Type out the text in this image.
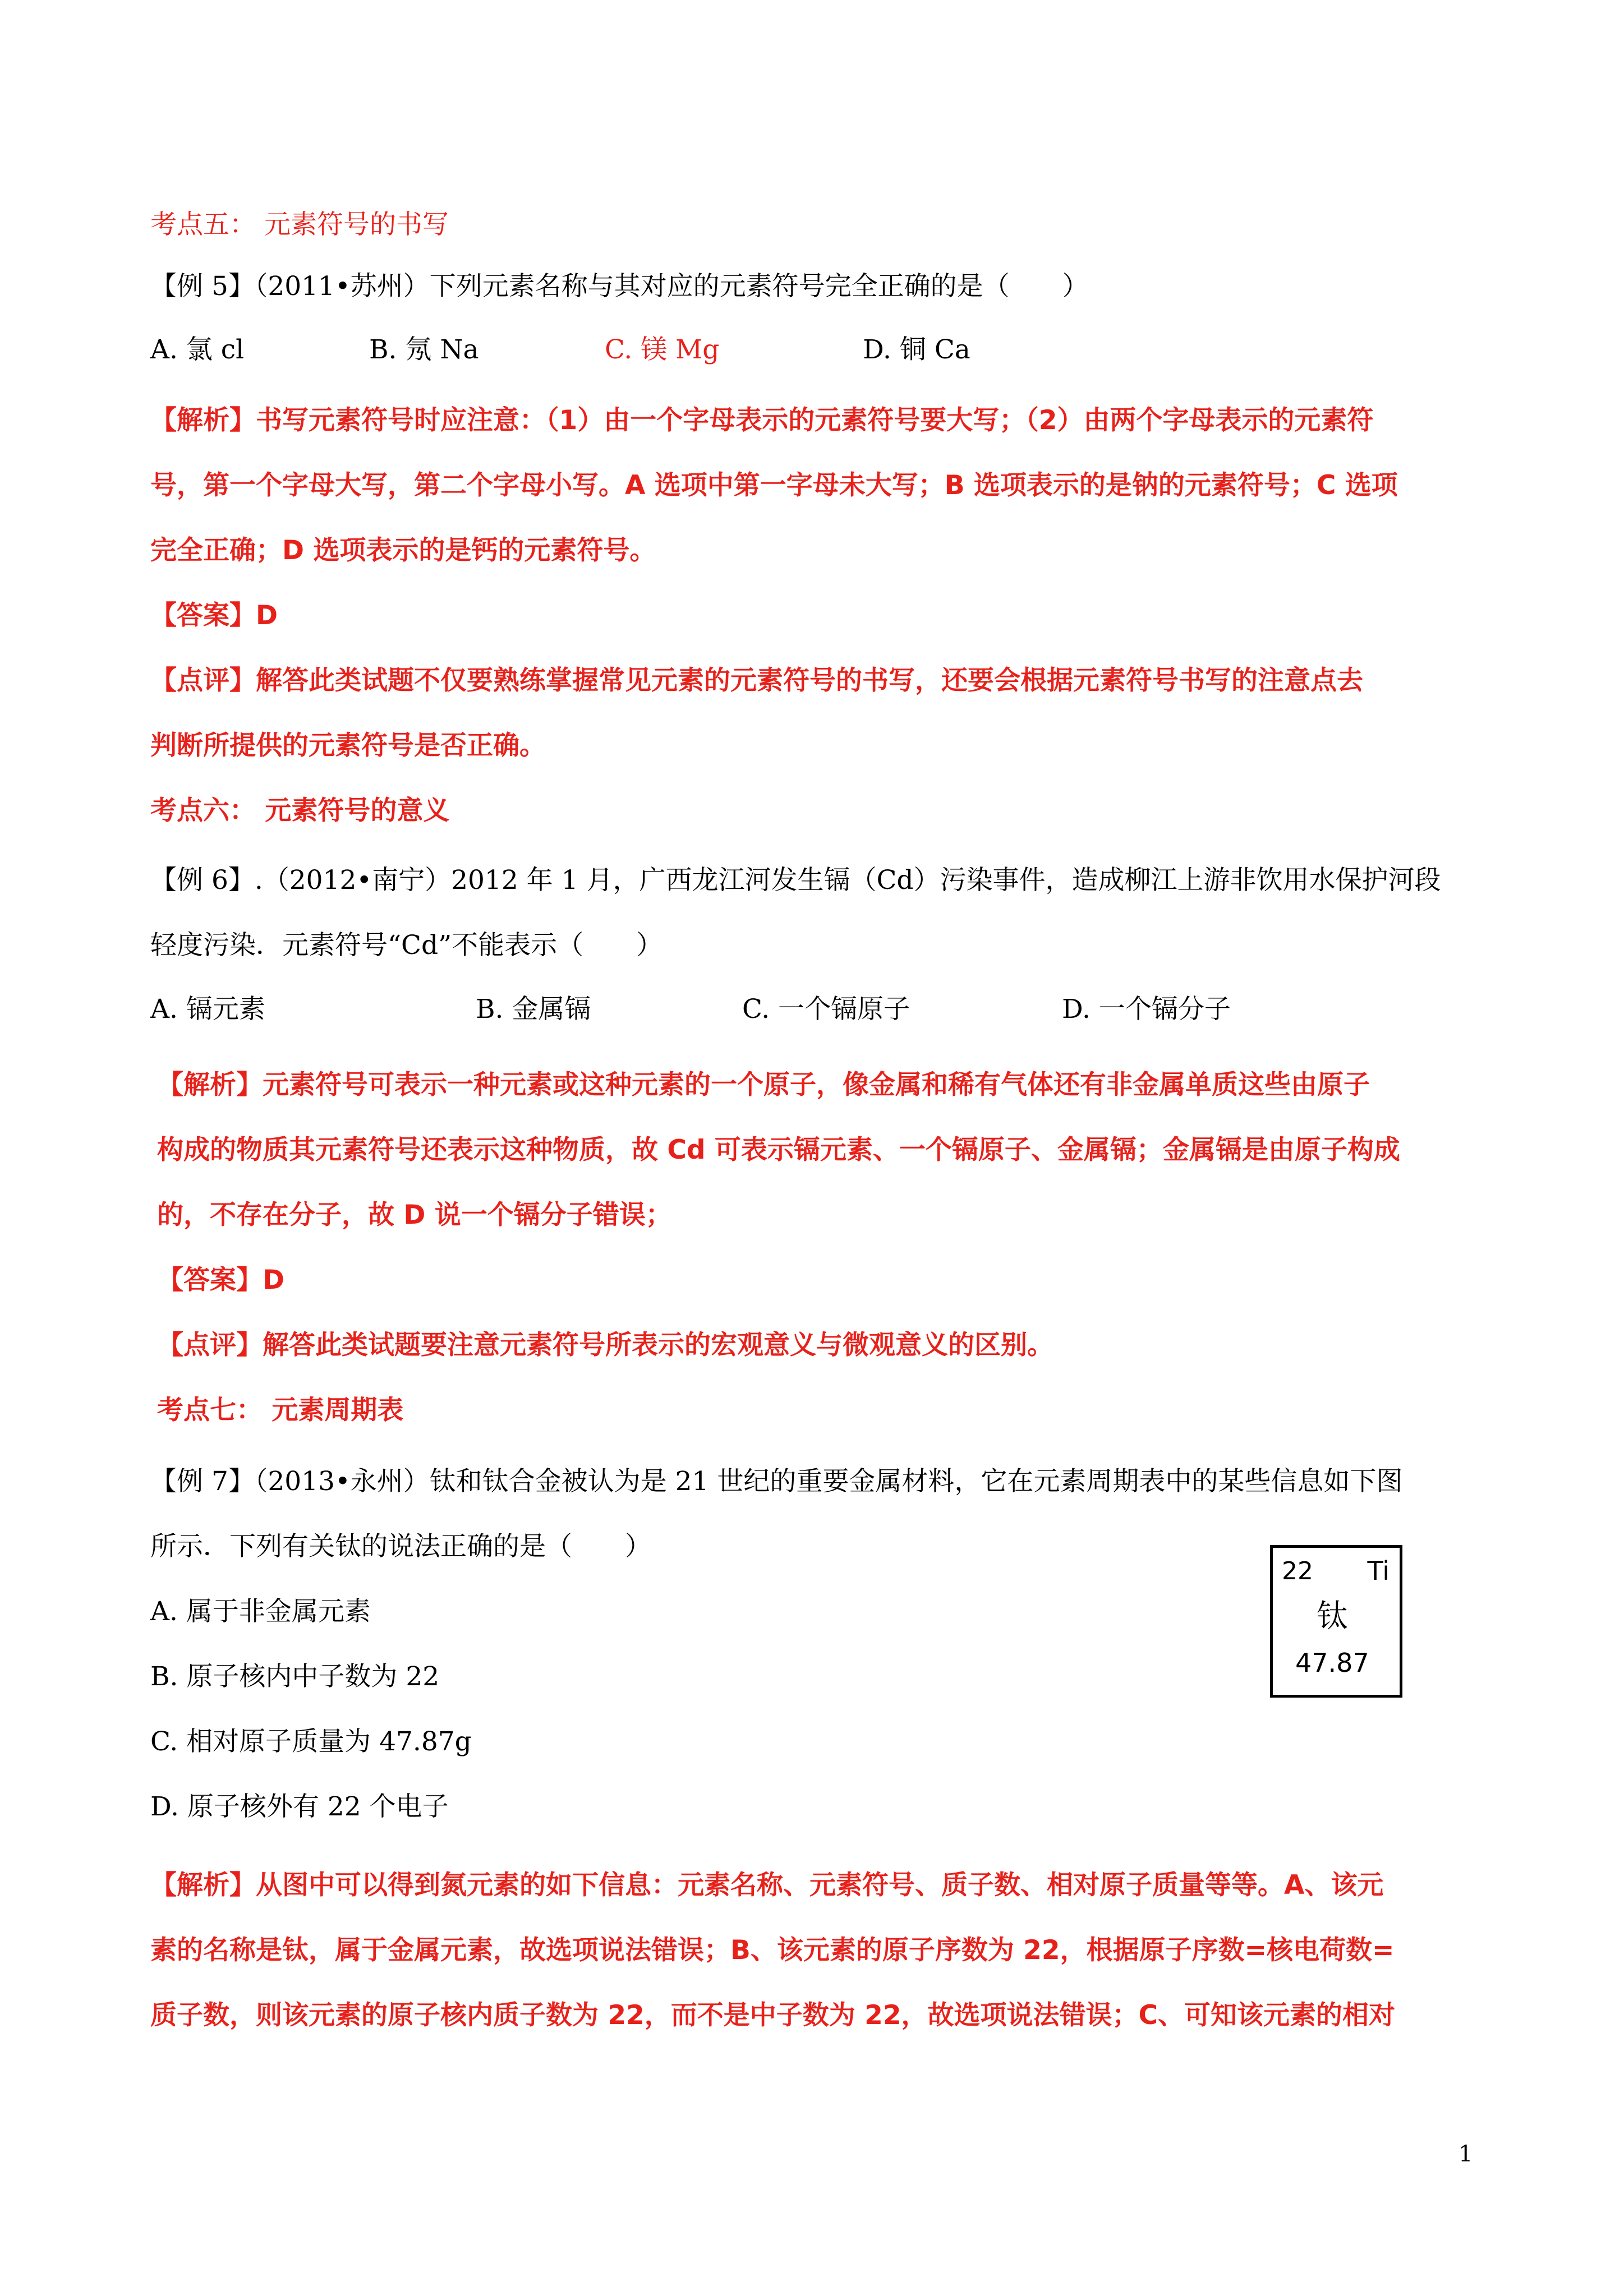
考点五： 元素符号的书写
【例 5】（2011•苏州）下列元素名称与其对应的元素符号完全正确的是（　　）
A. 氯 cl	B. 氖 Na	C. 镁 Mg	D. 铜 Ca
【解析】书写元素符号时应注意：（1）由一个字母表示的元素符号要大写；（2）由两个字母表示的元素符
号，第一个字母大写，第二个字母小写。A 选项中第一字母未大写；B 选项表示的是钠的元素符号；C 选项
完全正确；D 选项表示的是钙的元素符号。
【答案】D
【点评】解答此类试题不仅要熟练掌握常见元素的元素符号的书写，还要会根据元素符号书写的注意点去
判断所提供的元素符号是否正确。
考点六： 元素符号的意义
【例 6】.（2012•南宁）2012 年 1 月，广西龙江河发生镉（Cd）污染事件，造成柳江上游非饮用水保护河段
轻度污染．元素符号“Cd”不能表示（　　）
A. 镉元素	B. 金属镉	C. 一个镉原子	D. 一个镉分子
【解析】元素符号可表示一种元素或这种元素的一个原子，像金属和稀有气体还有非金属单质这些由原子
构成的物质其元素符号还表示这种物质，故 Cd 可表示镉元素、一个镉原子、金属镉；金属镉是由原子构成
的，不存在分子，故 D 说一个镉分子错误；
【答案】D
【点评】解答此类试题要注意元素符号所表示的宏观意义与微观意义的区别。
考点七： 元素周期表
【例 7】（2013•永州）钛和钛合金被认为是 21 世纪的重要金属材料，它在元素周期表中的某些信息如下图
所示．下列有关钛的说法正确的是（　　）
A. 属于非金属元素
B. 原子核内中子数为 22
C. 相对原子质量为 47.87g
D. 原子核外有 22 个电子
22 Ti
钛
47.87
【解析】从图中可以得到氮元素的如下信息：元素名称、元素符号、质子数、相对原子质量等等。A、该元
素的名称是钛，属于金属元素，故选项说法错误；B、该元素的原子序数为 22，根据原子序数=核电荷数=
质子数，则该元素的原子核内质子数为 22，而不是中子数为 22，故选项说法错误；C、可知该元素的相对
1
